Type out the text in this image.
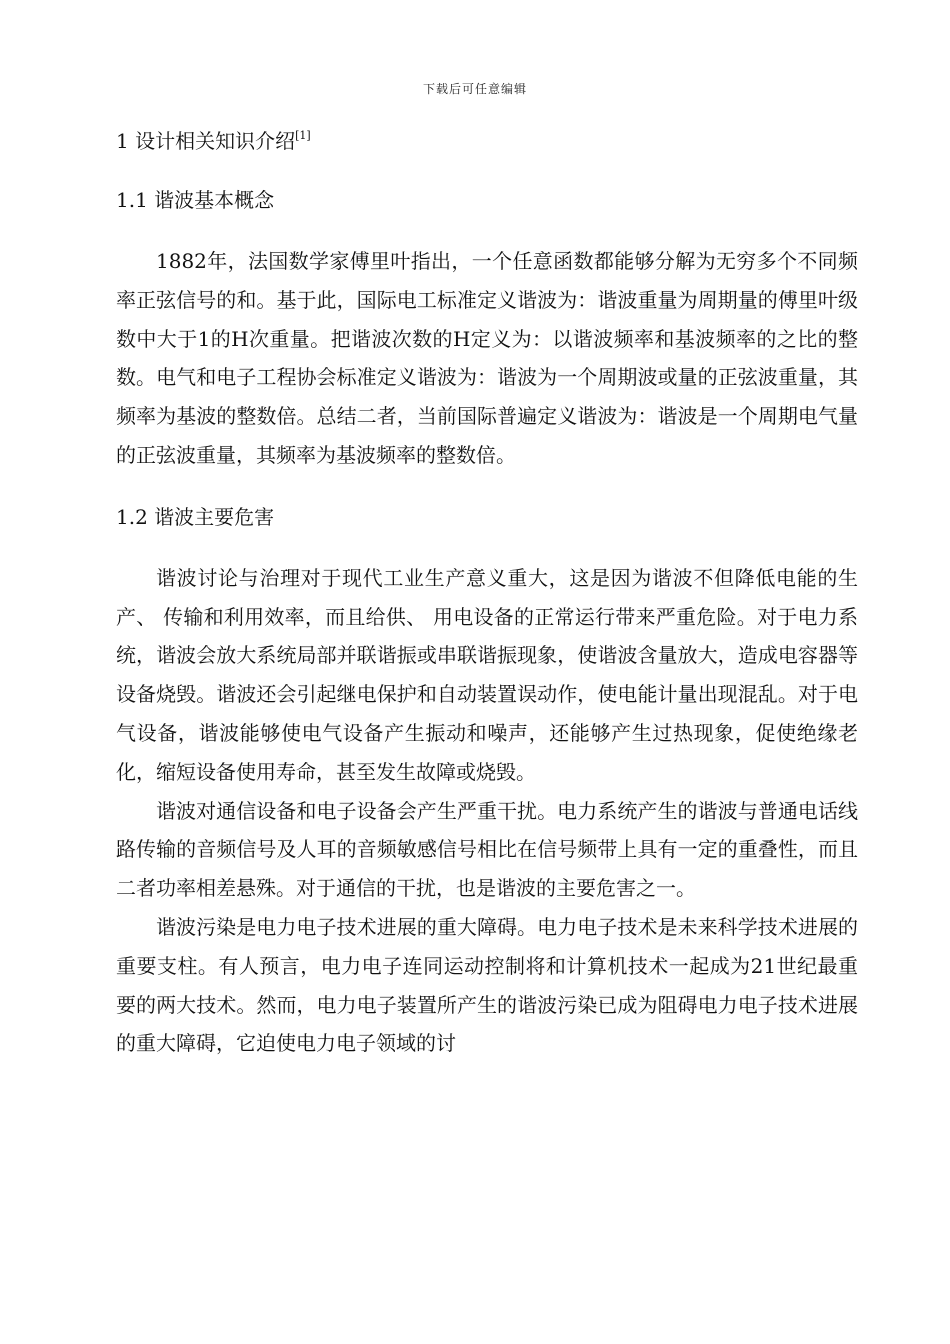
下载后可任意编辑
1 设计相关知识介绍[1]
1.1 谐波基本概念

1882年，法国数学家傅里叶指出，一个任意函数都能够分解为无穷多个不同频率正弦信号的和。基于此，国际电工标准定义谐波为：谐波重量为周期量的傅里叶级数中大于1的H次重量。把谐波次数的H定义为：以谐波频率和基波频率的之比的整数。电气和电子工程协会标准定义谐波为：谐波为一个周期波或量的正弦波重量，其频率为基波的整数倍。总结二者，当前国际普遍定义谐波为：谐波是一个周期电气量的正弦波重量，其频率为基波频率的整数倍。

1.2 谐波主要危害

谐波讨论与治理对于现代工业生产意义重大，这是因为谐波不但降低电能的生产、 传输和利用效率，而且给供、 用电设备的正常运行带来严重危险。对于电力系统，谐波会放大系统局部并联谐振或串联谐振现象，使谐波含量放大，造成电容器等设备烧毁。谐波还会引起继电保护和自动装置误动作，使电能计量出现混乱。对于电气设备，谐波能够使电气设备产生振动和噪声，还能够产生过热现象，促使绝缘老化，缩短设备使用寿命，甚至发生故障或烧毁。

谐波对通信设备和电子设备会产生严重干扰。电力系统产生的谐波与普通电话线路传输的音频信号及人耳的音频敏感信号相比在信号频带上具有一定的重叠性，而且二者功率相差悬殊。对于通信的干扰，也是谐波的主要危害之一。

谐波污染是电力电子技术进展的重大障碍。电力电子技术是未来科学技术进展的重要支柱。有人预言，电力电子连同运动控制将和计算机技术一起成为21世纪最重要的两大技术。然而，电力电子装置所产生的谐波污染已成为阻碍电力电子技术进展的重大障碍，它迫使电力电子领域的讨
